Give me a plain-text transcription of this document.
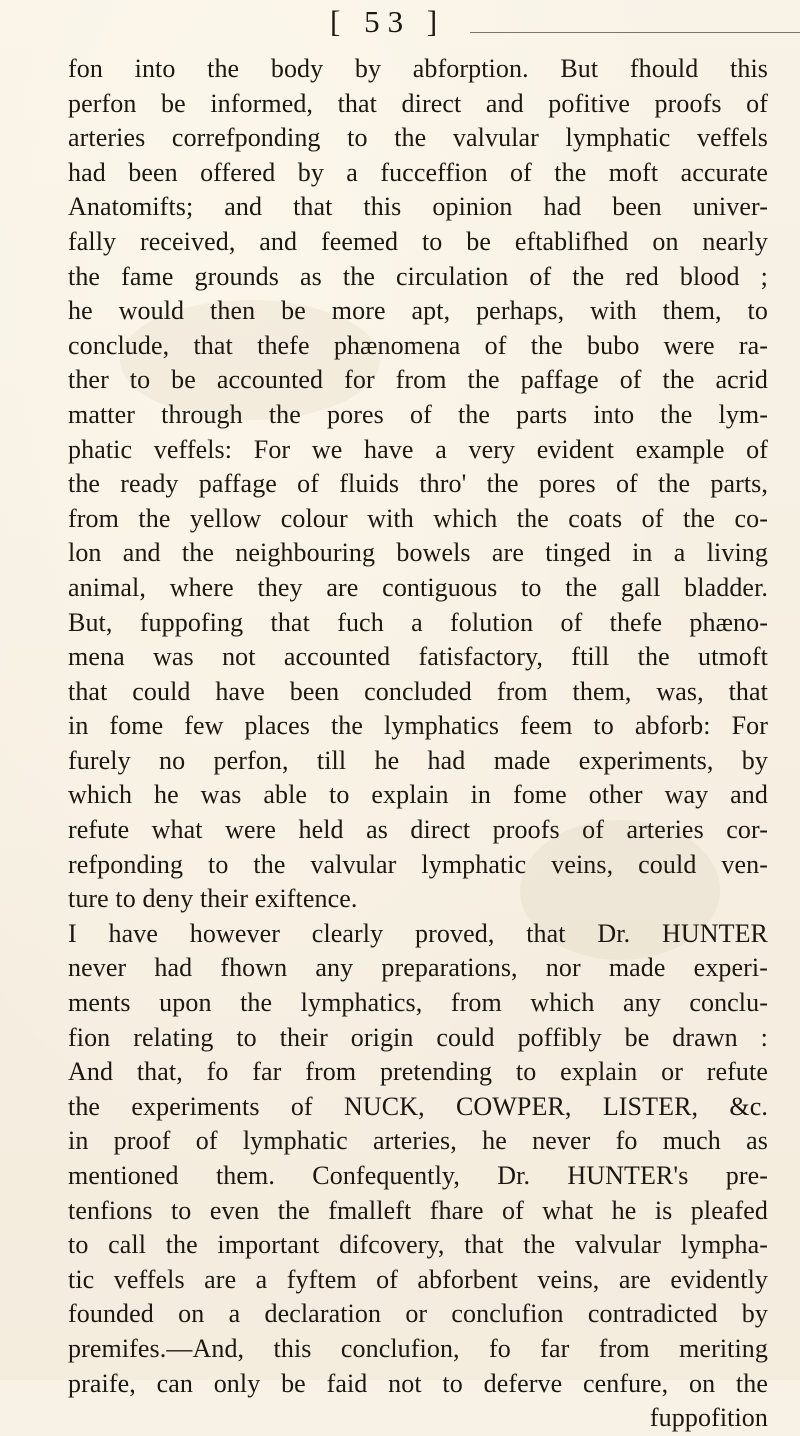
[ 53 ]
fon into the body by abforption. But fhould this
perfon be informed, that direct and pofitive proofs of
arteries correfponding to the valvular lymphatic veffels
had been offered by a fucceffion of the moft accurate
Anatomifts; and that this opinion had been univer-
fally received, and feemed to be eftablifhed on nearly
the fame grounds as the circulation of the red blood ;
he would then be more apt, perhaps, with them, to
conclude, that thefe phænomena of the bubo were ra-
ther to be accounted for from the paffage of the acrid
matter through the pores of the parts into the lym-
phatic veffels: For we have a very evident example of
the ready paffage of fluids thro' the pores of the parts,
from the yellow colour with which the coats of the co-
lon and the neighbouring bowels are tinged in a living
animal, where they are contiguous to the gall bladder.
But, fuppofing that fuch a folution of thefe phæno-
mena was not accounted fatisfactory, ftill the utmoft
that could have been concluded from them, was, that
in fome few places the lymphatics feem to abforb: For
furely no perfon, till he had made experiments, by
which he was able to explain in fome other way and
refute what were held as direct proofs of arteries cor-
refponding to the valvular lymphatic veins, could ven-
ture to deny their exiftence.
I have however clearly proved, that Dr. HUNTER
never had fhown any preparations, nor made experi-
ments upon the lymphatics, from which any conclu-
fion relating to their origin could poffibly be drawn :
And that, fo far from pretending to explain or refute
the experiments of NUCK, COWPER, LISTER, &c.
in proof of lymphatic arteries, he never fo much as
mentioned them. Confequently, Dr. HUNTER's pre-
tenfions to even the fmalleft fhare of what he is pleafed
to call the important difcovery, that the valvular lympha-
tic veffels are a fyftem of abforbent veins, are evidently
founded on a declaration or conclufion contradicted by
premifes.—And, this conclufion, fo far from meriting
praife, can only be faid not to deferve cenfure, on the
fuppofition
